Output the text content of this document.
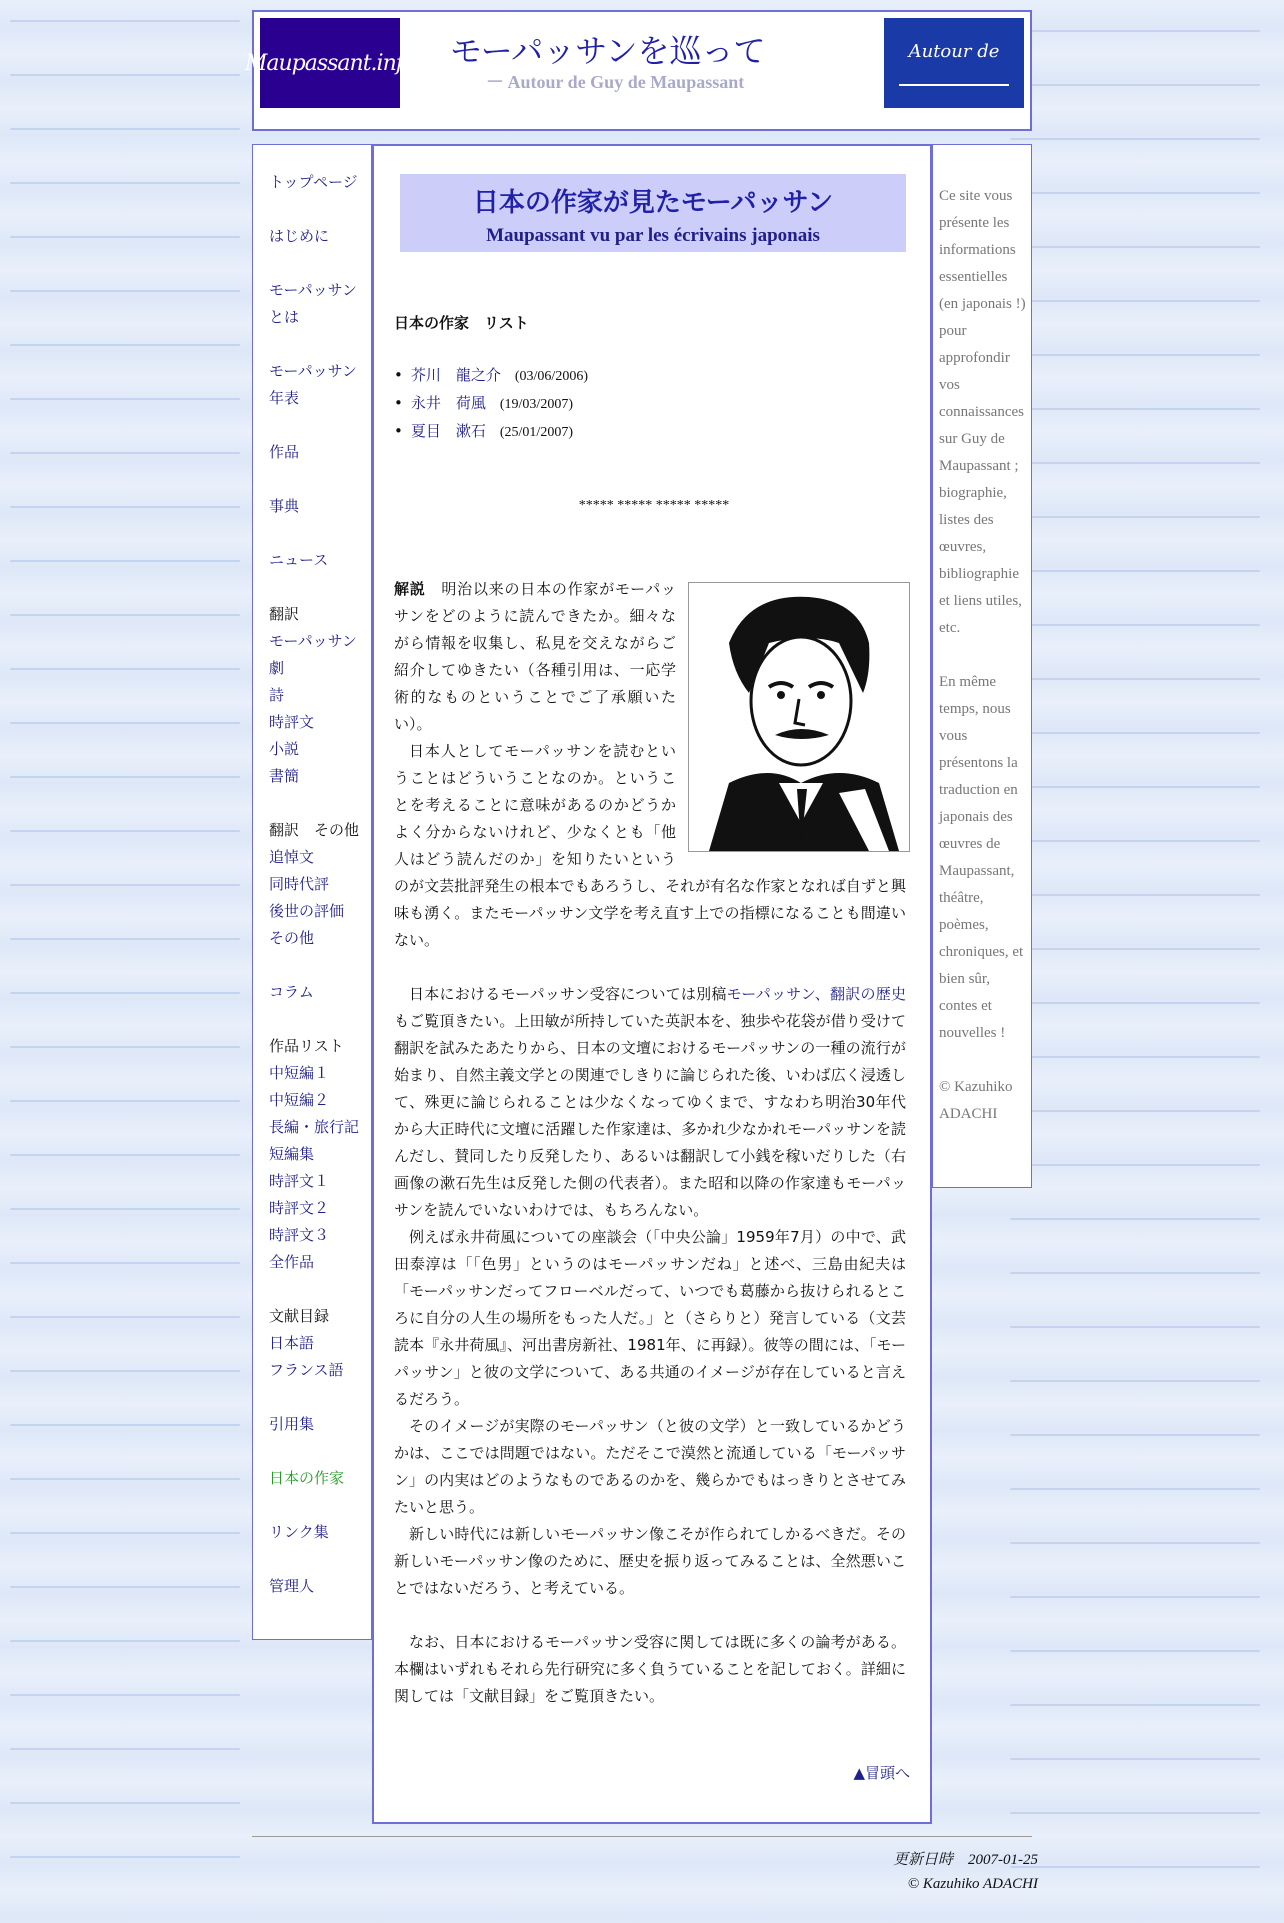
Maupassant.info モーパッサンを巡って
－ Autour de Guy de Maupassant
Autour de
トップページ
はじめに
モーパッサンとは
モーパッサン年表
作品
事典
ニュース
翻訳
モーパッサン劇
詩
時評文
小説
書簡
翻訳　その他
追悼文
同時代評
後世の評価
その他
コラム
作品リスト
中短編１
中短編２
長編・旅行記
短編集
時評文１
時評文２
時評文３
全作品
文献目録
日本語
フランス語
引用集
日本の作家
リンク集
管理人
日本の作家が見たモーパッサン
Maupassant vu par les écrivains japonais
日本の作家　リスト
• 芥川　龍之介 (03/06/2006)
• 永井　荷風 (19/03/2007)
• 夏目　漱石 (25/01/2007)
***** ***** ***** *****

解説　 明治以来の日本の作家がモーパッサンをどのように読んできたか。細々ながら情報を収集し、私見を交えながらご紹介してゆきたい（各種引用は、一応学術的なものということでご了承願いたい）。

日本人としてモーパッサンを読むということはどういうことなのか。ということを考えることに意味があるのかどうかよく分からないけれど、少なくとも「他人はどう読んだのか」を知りたいというのが文芸批評発生の根本でもあろうし、それが有名な作家となれば自ずと興味も湧く。またモーパッサン文学を考え直す上での指標になることも間違いない。

日本におけるモーパッサン受容については別稿モーパッサン、翻訳の歴史もご覧頂きたい。上田敏が所持していた英訳本を、独歩や花袋が借り受けて翻訳を試みたあたりから、日本の文壇におけるモーパッサンの一種の流行が始まり、自然主義文学との関連でしきりに論じられた後、いわば広く浸透して、殊更に論じられることは少なくなってゆくまで、すなわち明治30年代から大正時代に文壇に活躍した作家達は、多かれ少なかれモーパッサンを読んだし、賛同したり反発したり、あるいは翻訳して小銭を稼いだりした（右画像の漱石先生は反発した側の代表者）。また昭和以降の作家達もモーパッサンを読んでいないわけでは、もちろんない。

例えば永井荷風についての座談会（「中央公論」1959年7月）の中で、武田泰淳は「「色男」というのはモーパッサンだね」と述べ、三島由紀夫は「モーパッサンだってフローベルだって、いつでも葛藤から抜けられるところに自分の人生の場所をもった人だ。」と（さらりと）発言している（文芸読本『永井荷風』、河出書房新社、1981年、に再録）。彼等の間には、「モーパッサン」と彼の文学について、ある共通のイメージが存在していると言えるだろう。

そのイメージが実際のモーパッサン（と彼の文学）と一致しているかどうかは、ここでは問題ではない。ただそこで漠然と流通している「モーパッサン」の内実はどのようなものであるのかを、幾らかでもはっきりとさせてみたいと思う。

新しい時代には新しいモーパッサン像こそが作られてしかるべきだ。その新しいモーパッサン像のために、歴史を振り返ってみることは、全然悪いことではないだろう、と考えている。

なお、日本におけるモーパッサン受容に関しては既に多くの論考がある。本欄はいずれもそれら先行研究に多く負うていることを記しておく。詳細に関しては「文献目録」をご覧頂きたい。

▲冒頭へ

Ce site vous présente les informations essentielles (en japonais !) pour approfondir vos connaissances sur Guy de Maupassant ; biographie, listes des œuvres, bibliographie et liens utiles, etc.

En même temps, nous vous présentons la traduction en japonais des œuvres de Maupassant, théâtre, poèmes, chroniques, et bien sûr, contes et nouvelles !

© Kazuhiko ADACHI

更新日時　2007-01-25
© Kazuhiko ADACHI
